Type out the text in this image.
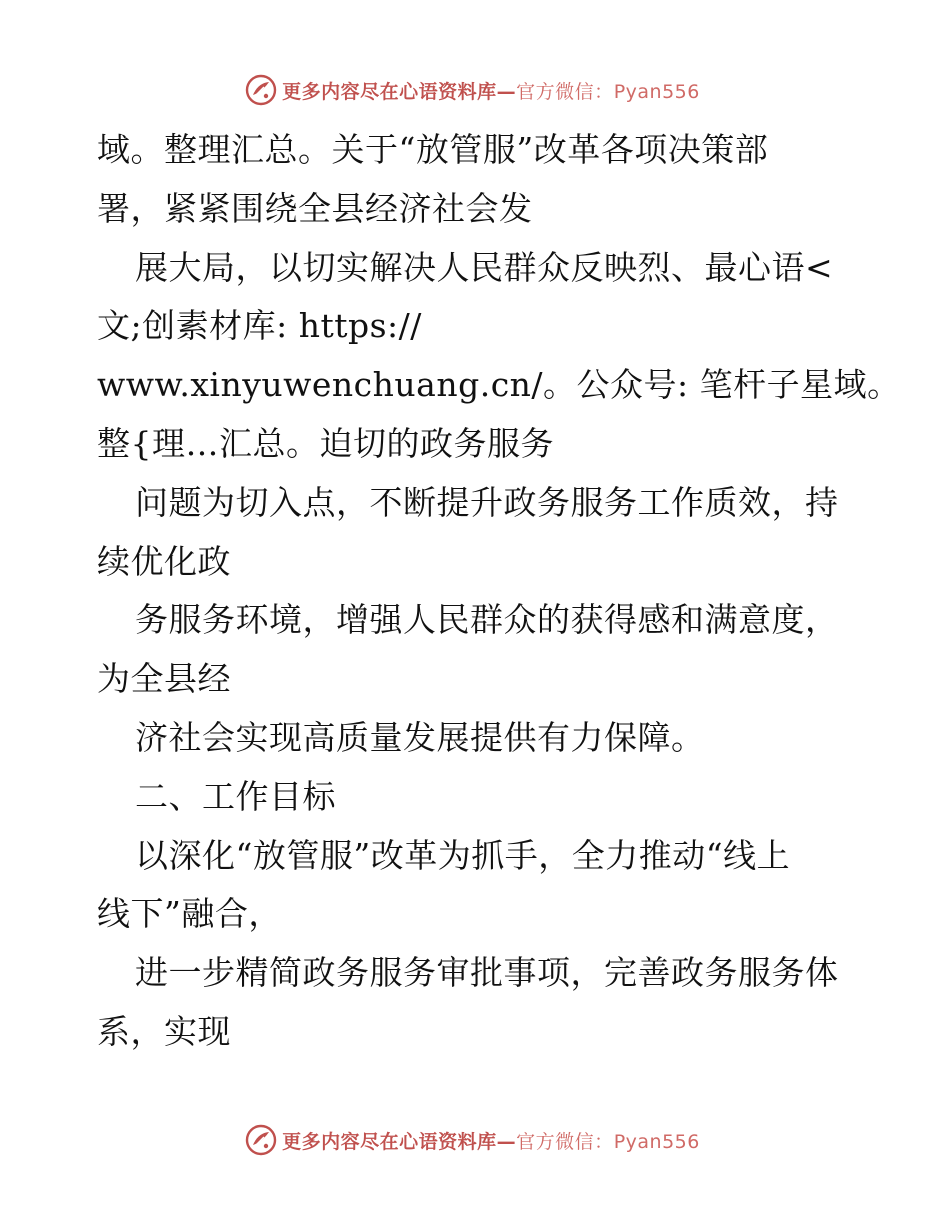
更多内容尽在心语资料库—官方微信：Pyan556
域。整理汇总。关于“放管服”改革各项决策部
署，紧紧围绕全县经济社会发
展大局，以切实解决人民群众反映烈、最心语<
文;创素材库: https://
www.xinyuwenchuang.cn/。公众号: 笔杆子星域。
整{理…汇总。迫切的政务服务
问题为切入点，不断提升政务服务工作质效，持
续优化政
务服务环境，增强人民群众的获得感和满意度，
为全县经
济社会实现高质量发展提供有力保障。
二、工作目标
以深化“放管服”改革为抓手，全力推动“线上
线下”融合，
进一步精简政务服务审批事项，完善政务服务体
系，实现
更多内容尽在心语资料库—官方微信：Pyan556
